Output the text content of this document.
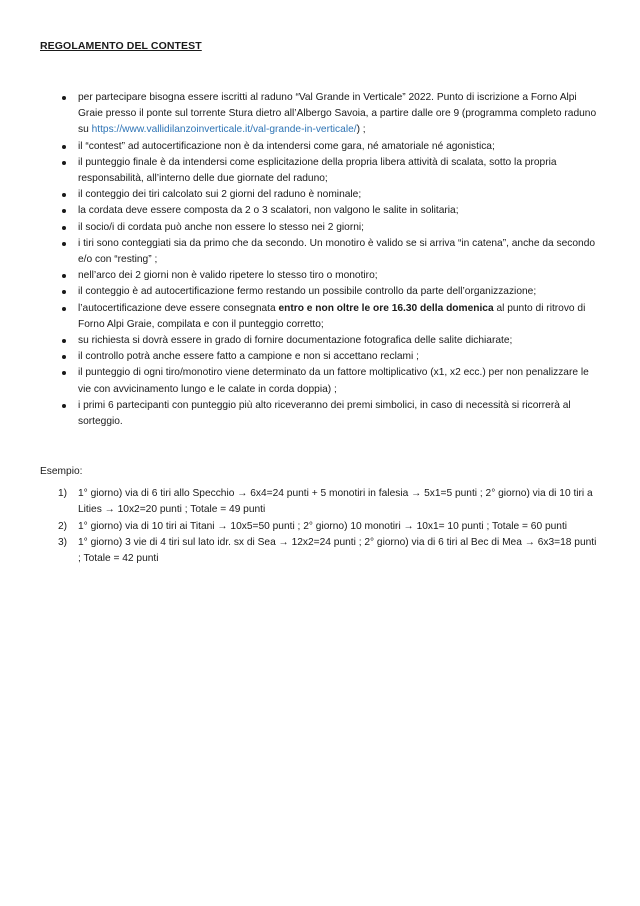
REGOLAMENTO DEL CONTEST
per partecipare bisogna essere iscritti al raduno “Val Grande in Verticale” 2022. Punto di iscrizione a Forno Alpi Graie presso il ponte sul torrente Stura dietro all’Albergo Savoia, a partire dalle ore 9 (programma completo raduno su https://www.vallidilanzoinverticale.it/val-grande-in-verticale/) ;
il “contest” ad autocertificazione non è da intendersi come gara, né amatoriale né agonistica;
il punteggio finale è da intendersi come esplicitazione della propria libera attività di scalata, sotto la propria responsabilità, all’interno delle due giornate del raduno;
il conteggio dei tiri calcolato sui 2 giorni del raduno è nominale;
la cordata deve essere composta da 2 o 3 scalatori, non valgono le salite in solitaria;
il socio/i di cordata può anche non essere lo stesso nei 2 giorni;
i tiri sono conteggiati sia da primo che da secondo. Un monotiro è valido se si arriva “in catena”, anche da secondo e/o con “resting” ;
nell’arco dei 2 giorni non è valido ripetere lo stesso tiro o monotiro;
il conteggio è ad autocertificazione fermo restando un possibile controllo da parte dell’organizzazione;
l’autocertificazione deve essere consegnata entro e non oltre le ore 16.30 della domenica al punto di ritrovo di Forno Alpi Graie, compilata e con il punteggio corretto;
su richiesta si dovrà essere in grado di fornire documentazione fotografica delle salite dichiarate;
il controllo potrà anche essere fatto a campione e non si accettano reclami ;
il punteggio di ogni tiro/monotiro viene determinato da un fattore moltiplicativo (x1, x2 ecc.) per non penalizzare le vie con avvicinamento lungo e le calate in corda doppia) ;
i primi 6 partecipanti con punteggio più alto riceveranno dei premi simbolici, in caso di necessità si ricorrerà al sorteggio.
Esempio:
1) 1° giorno) via di 6 tiri allo Specchio → 6x4=24 punti + 5 monotiri in falesia → 5x1=5 punti ; 2° giorno) via di 10 tiri a Lities → 10x2=20 punti ; Totale = 49 punti
2) 1° giorno) via di 10 tiri ai Titani → 10x5=50 punti ; 2° giorno) 10 monotiri → 10x1= 10 punti ; Totale = 60 punti
3) 1° giorno) 3 vie di 4 tiri sul lato idr. sx di Sea → 12x2=24 punti ; 2° giorno) via di 6 tiri al Bec di Mea → 6x3=18 punti ; Totale = 42 punti
